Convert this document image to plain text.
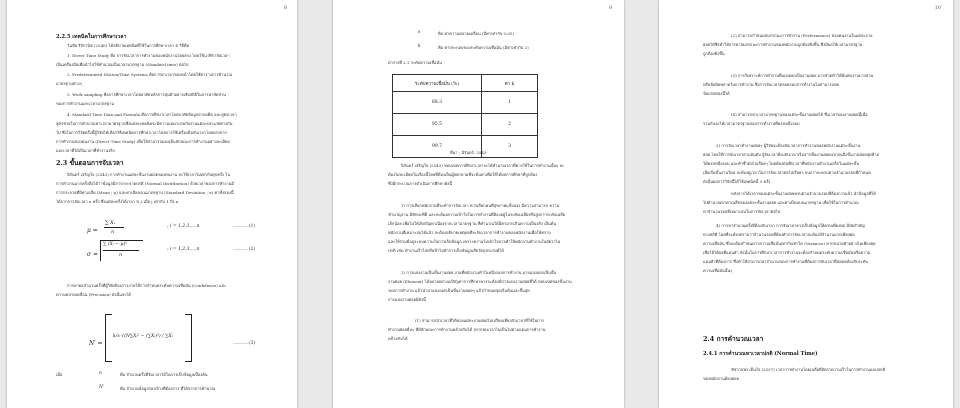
8
2.2.5 เทคนิคในการศึกษาเวลา
วันชัย ริจิรวนิช (2546) ได้อธิบายเทคนิคที่ใช้ในการศึกษาเวลา 4 วิธีคือ
1. Direct Time Study คือ การจับเวลาการทำงานของพนักงานโดยตรง โดยใช้นาฬิกาจับเวลา
เป็นเครื่องมือเพื่อนำไปใช้คำนวณเป็นเวลามาตรฐาน (Standard time) ต่อไป
2. Predetermined Motion/Time Systems คือการหาเวลาของหน้าโดยใช้ตารางการคำนวณ
มาตรฐานต่างๆ
3. Work sampling คือการศึกษาเวลาโดยอาศัยหลักการสุ่มตัวอย่างเชิงสถิติในการหาสัดส่วน
ของการทำงานและเวลามาตรฐาน
4. Standard Time Data and Formula คือการศึกษาเวลาโดยอาศัยข้อมูลจากอดีต และสูตรเวลา
สูตรช่วยในการคำนวณหาเวลามาตรฐานซึ่งแต่ละเทคนิคจะมีความเหมาะสมกับงานแต่ละประเภทต่างกัน
ไป ซึ่งในการวิจัยครั้งนี้ผู้วิจัยได้เลือกวิธีเทคนิคการศึกษาเวลาโดยการใช้เครื่องมือจับเวลาโดยตรงจาก
การทำงานของคนงาน (Direct Time Study) เพื่อให้สามารถมองเห็นลักษณะการทำงานอย่างละเอียด
และเวลาที่ได้เป็นเวลาที่ทำงานจริง
2.3 ขั้นตอนการจับเวลา
นิรันดร์ เจริญใจ (2543) การทำงานแต่ละขั้นงานย่อยของคนงาน จะใช้เวลาไม่เท่ากันทุกครั้ง ใน
การทำงานมากครั้งถือได้ว่าข้อมูลมีการกระจายปกติ (Normal Distribution) ด้วยเวลาของการทำงานมี
การกระจายที่มีค่าเฉลี่ย (Mean ; μ) และค่าเบี่ยงเบนมาตรฐาน (Standard Deviation ; σ) ค่าทั้งสองนี้
ได้จากการจับเวลา n ครั้ง ซึ่งแต่ละครั้งได้เวลา X_i เมื่อ j เท่ากับ 1 ถึง n
μ =
∑ Xᵢ
n
; i = 1,2,3,...,n	...........(1)
σ =
∑ (Xᵢ − μ)²
n
; i = 1,2,3,...,n	...........(2)
การหาผลจำนวนครั้งที่ผู้วิจัยต้องการภายใต้การกำหนดระดับความเชื่อมั่น (Confidence) และ
ความคลาดเคลื่อน (Precision) ดังนั้นจะได้
N′ =
k/s √(N∑Xᵢ² − (∑Xᵢ)²) / ∑Xᵢ
...........(3)
เมื่อ	n	คือ จำนวนครั้งที่จับเวลาได้ในการเก็บข้อมูลเบื้องต้น
N′	คือ จำนวนข้อมูลรอบข้างที่ต้องการ ที่ได้จากการคำนวณ
9
s	คือ ค่าความคลาดเคลื่อน (มีค่าเท่ากับ 0.05)
k	คือ ค่าประกอบของระดับความเชื่อมั่น (มีค่าเท่ากับ 2)
ตารางที่ 2.1 ระดับความเชื่อมั่น
ระดับความเชื่อมั่น (%)	ค่า k
68.3	1
95.5	2
99.7	3
ที่มา : นิรันดร์, 2543
นิรันดร์ เจริญใจ (2543) ขอบเขตการศึกษาเวลาจะได้ทำนายเวลาที่ควรใช้ในการทำงานนั้นๆ จะ
ต้องไม่ละเอียดในเรื่องนี้โดยที่ต้องเป็นผู้พยายามที่จะค้นหาเพื่อให้ได้ผลการศึกษาที่ถูกต้อง
ซึ่งมีกระบวนการดำเนินการศึกษาดังนี้
1) การเลือกพนักงานที่จะทำการจับเวลา ควรเลือกคนที่สุขภาพแข็งแรง มีความสามารถ ความ
ชำนาญงาน มีทักษะที่ดี และจะต้องความเข้าใจในการทำงานที่ต้องอยู่ในระดับเฉลี่ยหรือสูงกว่าระดับเฉลี่ย
เล็กน้อย เพื่อไม่ให้เกิดปัญหาเนื่องจากเวลามาตรฐาน ที่คำนวณได้มีค่ามากเกินความเป็นจริง เป็นต้น
พนักงานที่เหมาะสมได้แล้ว จะต้องอธิบายเหตุผลที่จะจับเวลาการทำงานของพนักงานเพื่อให้ทราบ
และให้ร่วมมือดูระบบความในการเก็บข้อมูล เพราะความไม่เข้าใจอาจทำให้พนักงานทำงานในอัตราไม่
ปกติ เช่น ทำงานเร็วไปหรือช้าไปทำการเก็บข้อมูลเสียวัตถุประสงค์ได้
2) การแบ่งงานเป็นขั้นงานย่อย งานที่พนักงานทำในหนึ่งรอบการทำงาน อาจแบ่งออกเป็นขั้น
งานย่อย (Element) ได้หลายอย่างแก้ปัญหาการศึกษาควรจะต้องมีการแบ่งงานย่อยที่ได้ ขอบเขตของขั้นงาน
รอบการทำงาน แล้วนำมาแบ่งออกเป็นขั้นงานย่อยๆ แล้วกำหนดจุดเริ่มต้นและสิ้นสุด
การแบ่งงานย่อยมีดังนี้
(1) สามารถนำเวลาที่ได้ของแต่ละงานย่อยไปเปรียบเทียบกับเวลาที่ใช้ในการ
ทำงานย่อยอื่นๆ ที่มีลักษณะการทำงานคล้ายกันได้ (หากพบเวลาไม่เป็นไปตามแผนการทำงาน
คล้ายกันได้
10
(2) สามารถกำหนดสมรรถนะการทำงาน (Performance) ของคนงานในแต่ละงาน
ย่อยได้ซึ่งทำให้การหาสมรรถนะการทำงานของพนักงานถูกต้องยิ่งขึ้น ซึ่งมีผลให้เวลามาตรฐาน
ถูกต้องยิ่งขึ้น
(3) การวิเคราะห์การทำงานที่แบ่งออกเป็นงานย่อย อาจช่วยทำให้ค้นพบงานบางส่วน
หรือข้อผิดพลาดในการทำงาน ซึ่งการจับเวลาตลอดรอบการทำงานไม่สามารถพบ
ข้อบกพร่องนี้ได้
(4) สามารถหาเวลามาตรฐานของแต่ละขั้นงานย่อยได้ ซึ่งเวลาของงานย่อยนี้เมื่อ
รวมกันจะได้เวลามาตรฐานของการทำงานที่ครบหนึ่งรอบ
3) การจับเวลาทำงานย่อยๆ ผู้วิจัยจะต้องจับเวลาการทำงานของพนักงานแต่ละขั้นงาน
ย่อย โดยใช้การจับเวลาตามอันดับ ผู้จับเวลาต้องจับเวลาเริ่มจากขั้นงานย่อยแรกจนถึงขั้นงานย่อยสุดท้าย
ให้ครบหนึ่งรอบ และทำซ้ำต่อไปเรื่อยๆ โดยต้องบันทึกเวลาที่พนักงานทำงานเสร็จในแต่ละขั้น
เมื่อเริ่มขั้นงานใหม่ จะต้องดูเวลาในการจับเวลาต่อไปเรื่อยๆ จนกว่าจะครบตามจำนวนรอบที่กำหนด
ดังนั้นผลการวิจัยนี้ได้ใช้เทคนิคนี้ 3 ครั้ง
หลังจากได้เวลาของแต่ละขั้นงานย่อยครบตามจำนวนรอบที่ต้องการแล้ว นำข้อมูลที่ได้
ไปคำนวณหาค่าเฉลี่ยของแต่ละขั้นงานย่อย และค่าเบี่ยงเบนมาตรฐาน เพื่อใช้ในการคำนวณ
หาจำนวนรอบที่เหมาะสมในการจับเวลาต่อไป
4) การหาจำนวนครั้งที่ต้องจับเวลา การจับเวลาควรเก็บข้อมูลให้ครบเพียงพอ มีนัยสำคัญ
ทางสถิติ โดยที่จะต้องทราบว่าจำนวนรอบที่ต้องทำการจับเวลาจะต้องมีจำนวนมากเพียงพอ
ความเชื่อมั่น ซึ่งจะต้องกำหนดว่าความเชื่อมั่นเท่ากับเท่าใด (Variance) หากขนาดตัวอย่างไม่เพียงพอ
เพื่อให้ได้ผลที่แม่นยำ ดังนั้นในการศึกษาเวลาการทำงานจะต้องกำหนดระดับความเชื่อมั่นหรือความ
แม่นยำที่ต้องการ ซึ่งทำให้สามารถหาจำนวนรอบการทำงานที่ต้องการจับเวลาที่สอดคล้องกับระดับ
ความเชื่อมั่นนั้นๆ
2.4 การคำนวณเวลา
2.4.1 การคำนวณหาเวลาปกติ (Normal Time)
ชัชวาลพร เย็นใจ (2557) เวลาการทำงานโดยเฉลี่ยที่อัตราความเร็วในการทำงานแบบปกติ
ของพนักงานต้องย่อย
